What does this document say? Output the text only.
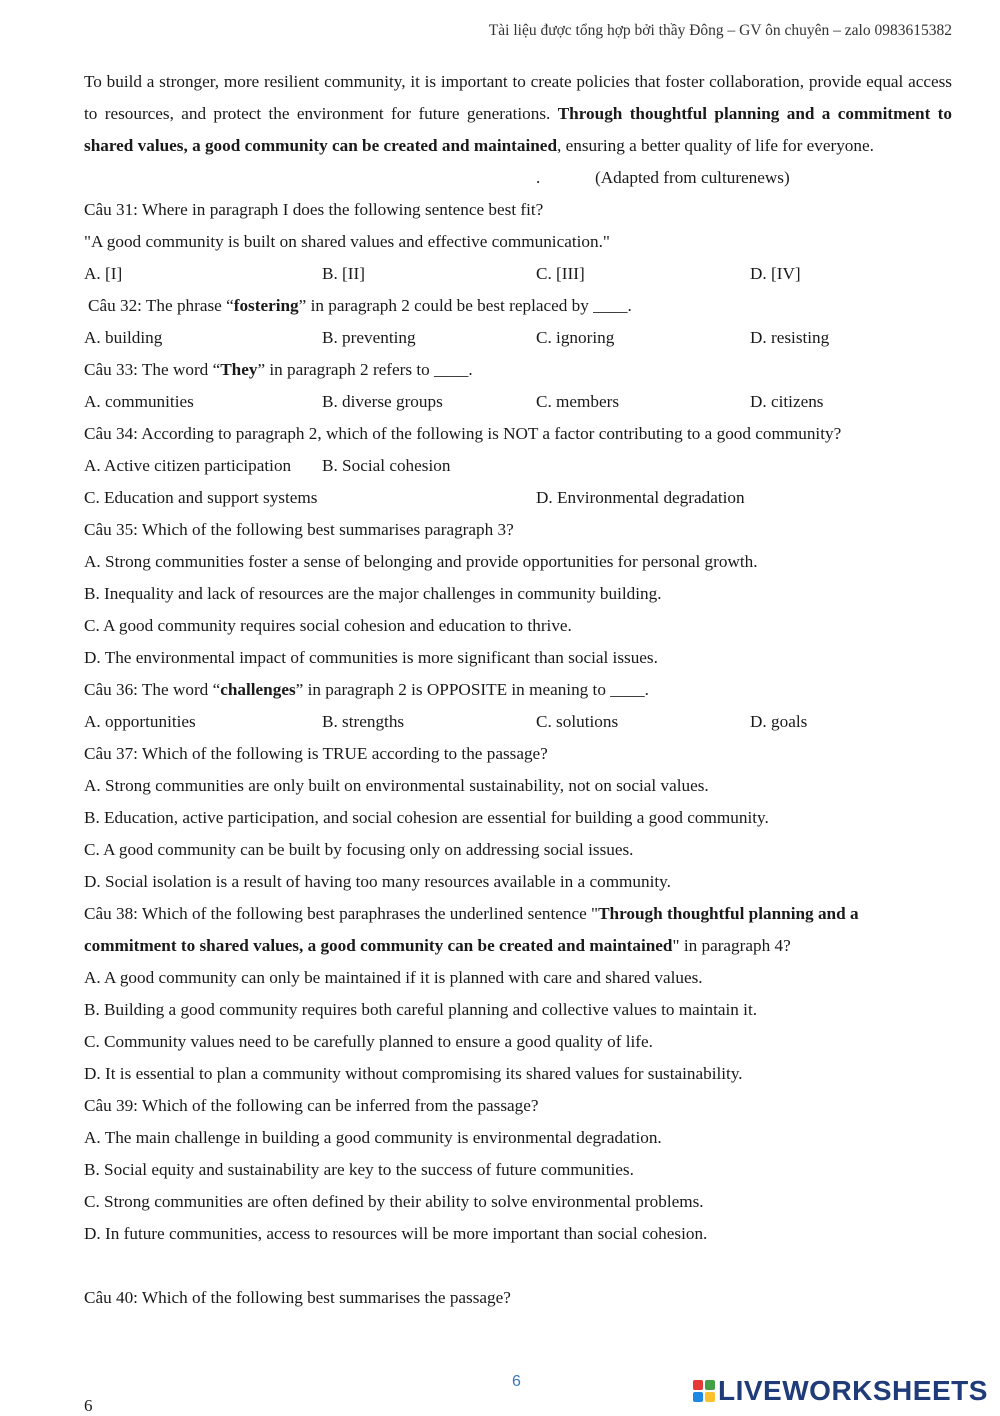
Tài liệu được tổng hợp bởi thầy Đông – GV ôn chuyên – zalo 0983615382

To build a stronger, more resilient community, it is important to create policies that foster collaboration, provide equal access to resources, and protect the environment for future generations. Through thoughtful planning and a commitment to shared values, a good community can be created and maintained, ensuring a better quality of life for everyone.

.	(Adapted from culturenews)
Câu 31: Where in paragraph I does the following sentence best fit?
"A good community is built on shared values and effective communication."
A. [I]	B. [II]	C. [III]	D. [IV]
Câu 32: The phrase “fostering” in paragraph 2 could be best replaced by ____.
A. building	B. preventing	C. ignoring	D. resisting
Câu 33: The word “They” in paragraph 2 refers to ____.
A. communities	B. diverse groups	C. members	D. citizens
Câu 34: According to paragraph 2, which of the following is NOT a factor contributing to a good community?
A. Active citizen participation B. Social cohesion
C. Education and support systems	D. Environmental degradation
Câu 35: Which of the following best summarises paragraph 3?
A. Strong communities foster a sense of belonging and provide opportunities for personal growth.
B. Inequality and lack of resources are the major challenges in community building.
C. A good community requires social cohesion and education to thrive.
D. The environmental impact of communities is more significant than social issues.
Câu 36: The word “challenges” in paragraph 2 is OPPOSITE in meaning to ____.
A. opportunities	B. strengths	C. solutions	D. goals
Câu 37: Which of the following is TRUE according to the passage?
A. Strong communities are only built on environmental sustainability, not on social values.
B. Education, active participation, and social cohesion are essential for building a good community.
C. A good community can be built by focusing only on addressing social issues.
D. Social isolation is a result of having too many resources available in a community.
Câu 38: Which of the following best paraphrases the underlined sentence "Through thoughtful planning and a
commitment to shared values, a good community can be created and maintained" in paragraph 4?
A. A good community can only be maintained if it is planned with care and shared values.
B. Building a good community requires both careful planning and collective values to maintain it.
C. Community values need to be carefully planned to ensure a good quality of life.
D. It is essential to plan a community without compromising its shared values for sustainability.
Câu 39: Which of the following can be inferred from the passage?
A. The main challenge in building a good community is environmental degradation.
B. Social equity and sustainability are key to the success of future communities.
C. Strong communities are often defined by their ability to solve environmental problems.
D. In future communities, access to resources will be more important than social cohesion.
Câu 40: Which of the following best summarises the passage?
6
6	LIVEWORKSHEETS
